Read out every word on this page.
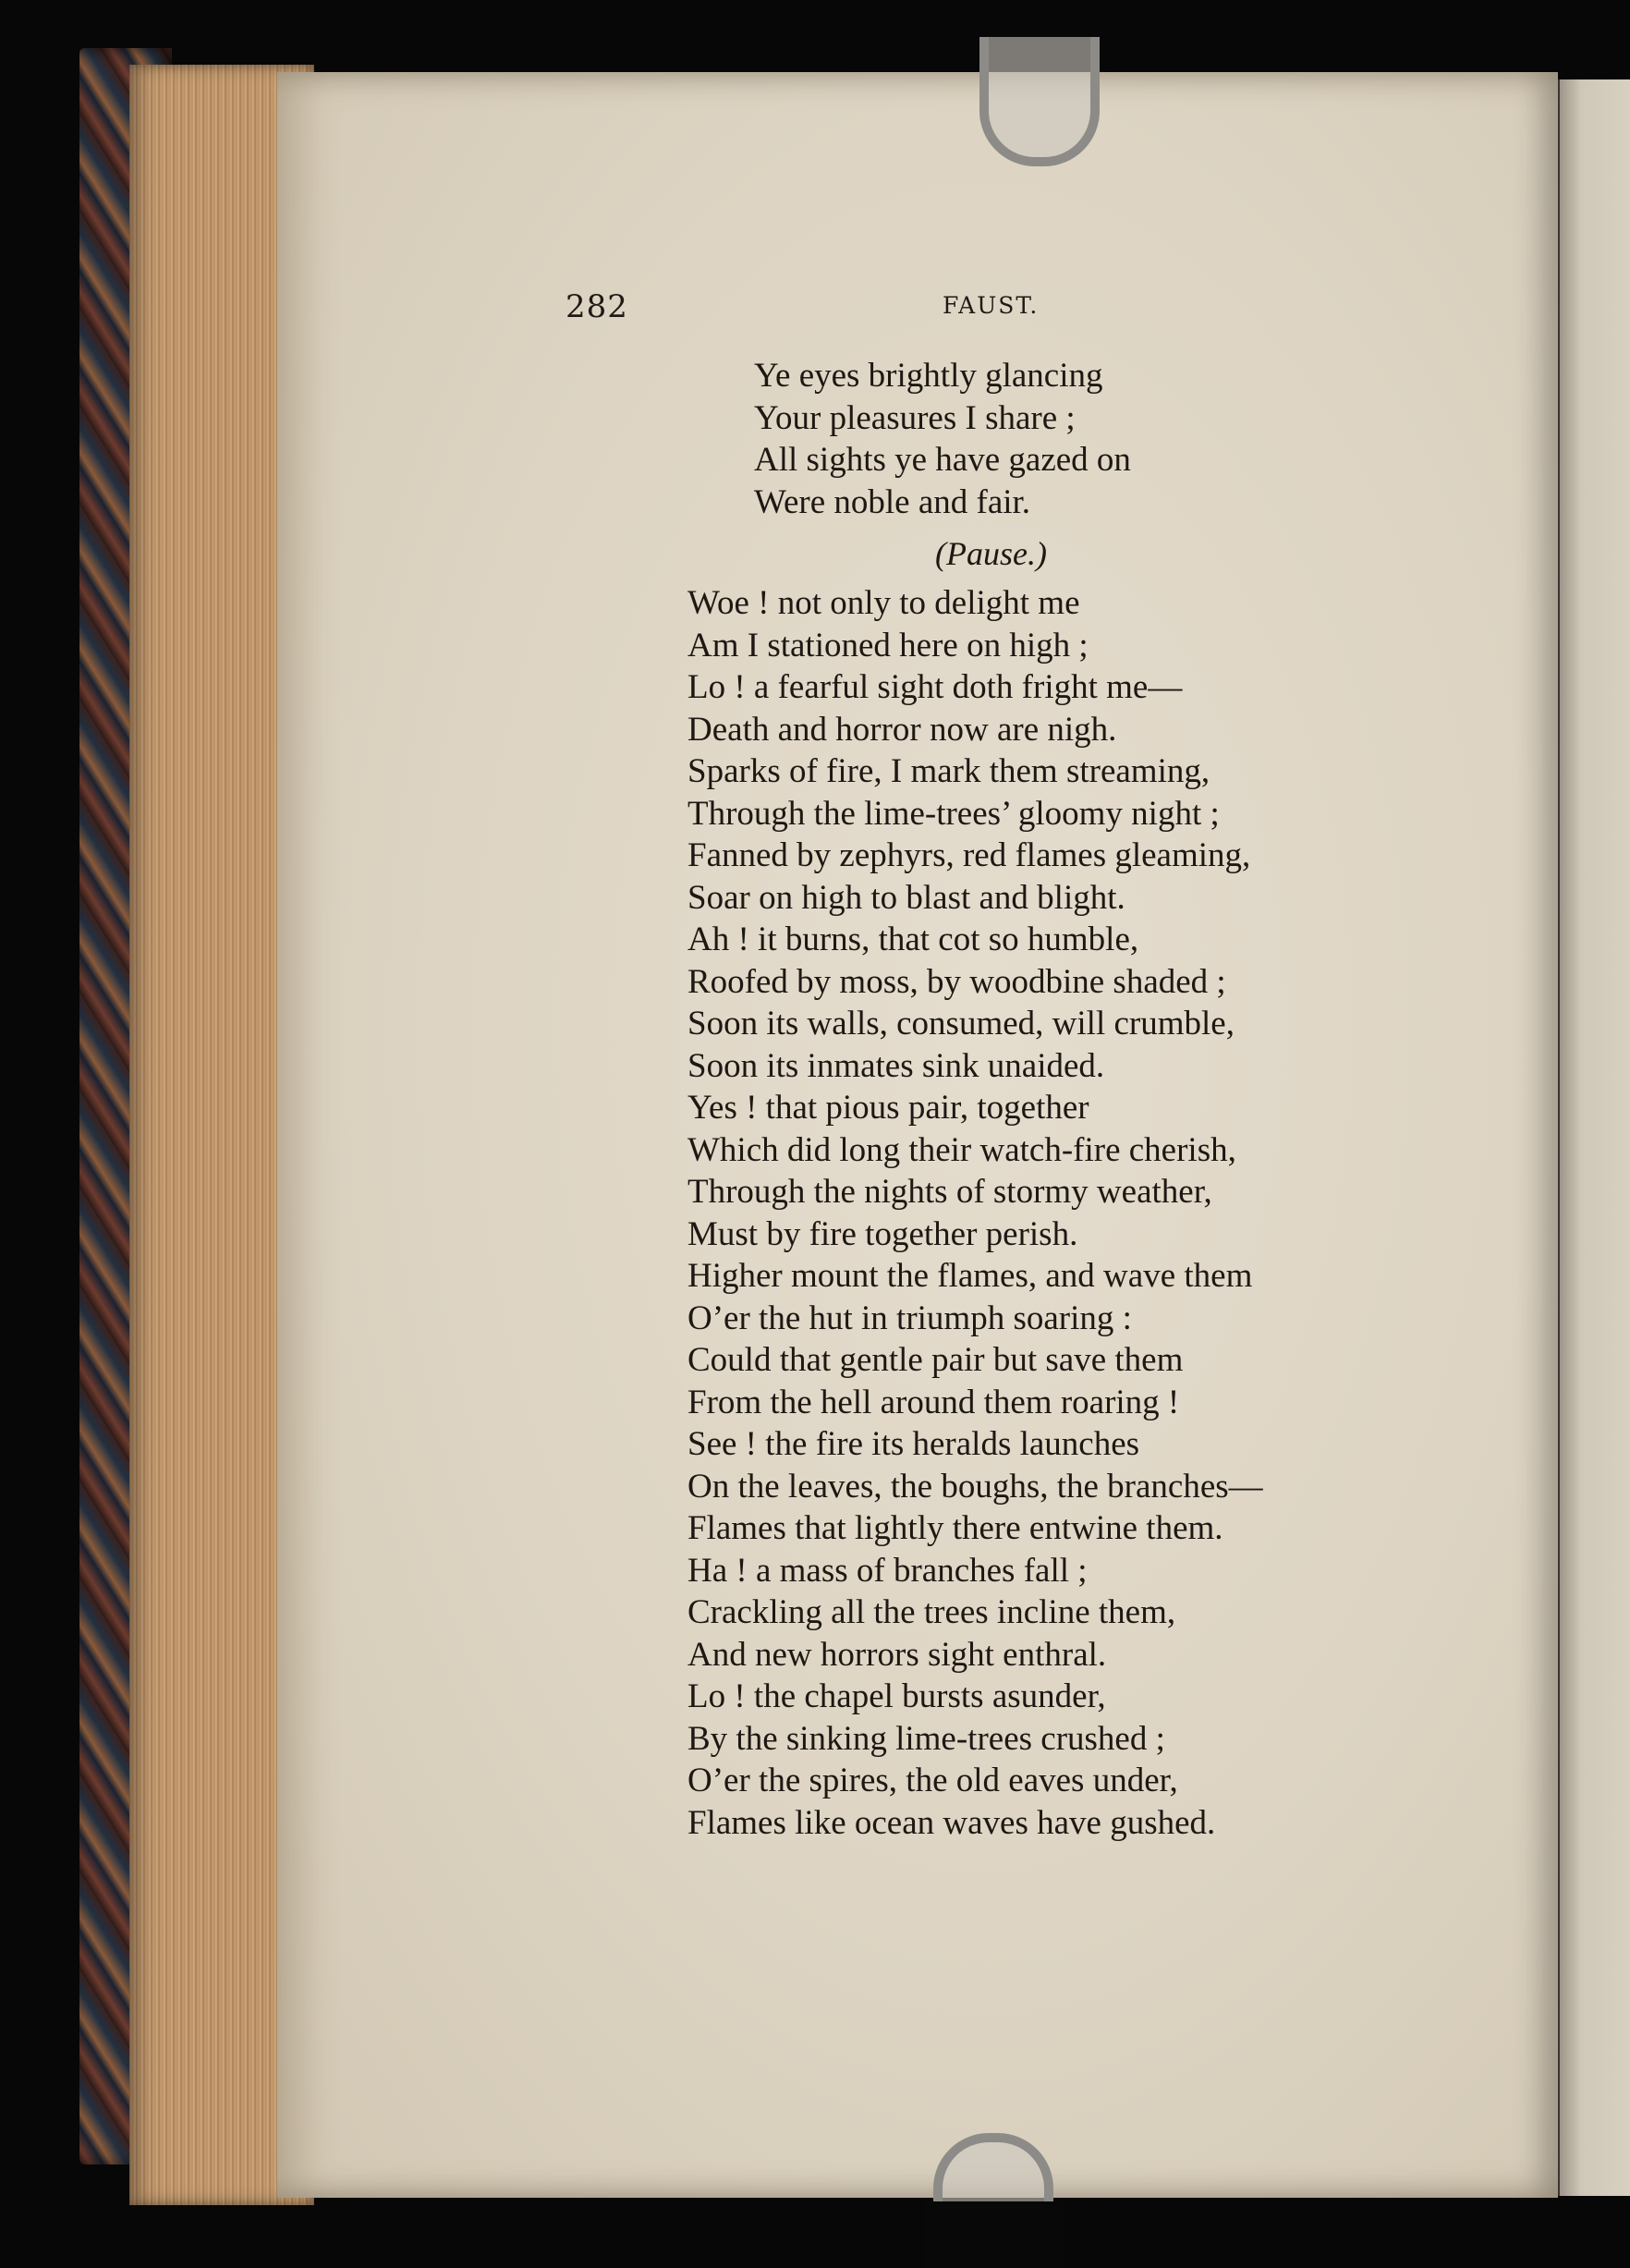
282	FAUST.
Ye eyes brightly glancing
Your pleasures I share ;
All sights ye have gazed on
Were noble and fair.
(Pause.)
Woe ! not only to delight me
Am I stationed here on high ;
Lo ! a fearful sight doth fright me—
Death and horror now are nigh.
Sparks of fire, I mark them streaming,
Through the lime-trees’ gloomy night ;
Fanned by zephyrs, red flames gleaming,
Soar on high to blast and blight.
Ah ! it burns, that cot so humble,
Roofed by moss, by woodbine shaded ;
Soon its walls, consumed, will crumble,
Soon its inmates sink unaided.
Yes ! that pious pair, together
Which did long their watch-fire cherish,
Through the nights of stormy weather,
Must by fire together perish.
Higher mount the flames, and wave them
O’er the hut in triumph soaring :
Could that gentle pair but save them
From the hell around them roaring !
See ! the fire its heralds launches
On the leaves, the boughs, the branches—
Flames that lightly there entwine them.
Ha ! a mass of branches fall ;
Crackling all the trees incline them,
And new horrors sight enthral.
Lo ! the chapel bursts asunder,
By the sinking lime-trees crushed ;
O’er the spires, the old eaves under,
Flames like ocean waves have gushed.
